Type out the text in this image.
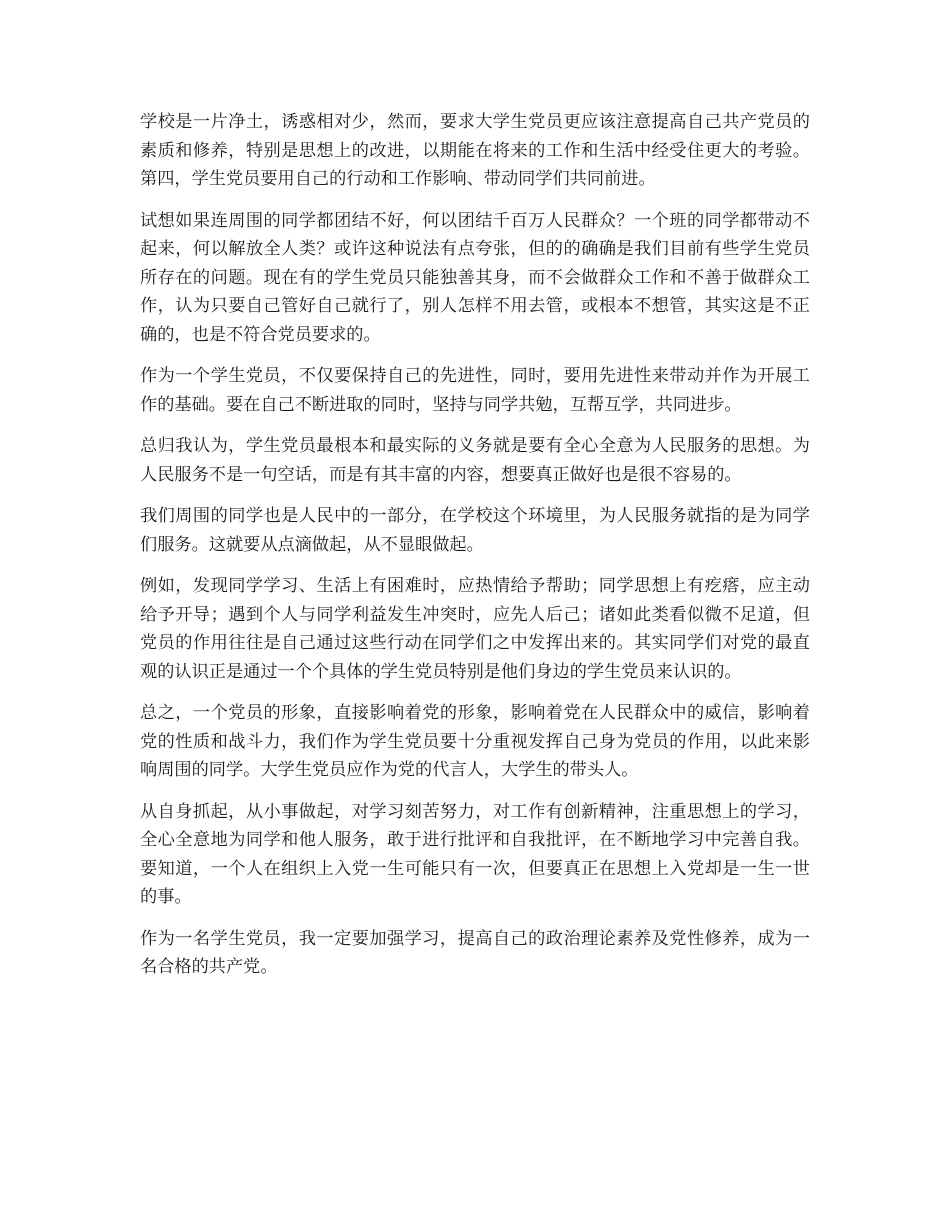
学校是一片净土，诱惑相对少，然而，要求大学生党员更应该注意提高自己共产党员的素质和修养，特别是思想上的改进，以期能在将来的工作和生活中经受住更大的考验。第四，学生党员要用自己的行动和工作影响、带动同学们共同前进。

试想如果连周围的同学都团结不好，何以团结千百万人民群众？一个班的同学都带动不起来，何以解放全人类？或许这种说法有点夸张，但的的确确是我们目前有些学生党员所存在的问题。现在有的学生党员只能独善其身，而不会做群众工作和不善于做群众工作，认为只要自己管好自己就行了，别人怎样不用去管，或根本不想管，其实这是不正确的，也是不符合党员要求的。

作为一个学生党员，不仅要保持自己的先进性，同时，要用先进性来带动并作为开展工作的基础。要在自己不断进取的同时，坚持与同学共勉，互帮互学，共同进步。

总归我认为，学生党员最根本和最实际的义务就是要有全心全意为人民服务的思想。为人民服务不是一句空话，而是有其丰富的内容，想要真正做好也是很不容易的。

我们周围的同学也是人民中的一部分，在学校这个环境里，为人民服务就指的是为同学们服务。这就要从点滴做起，从不显眼做起。

例如，发现同学学习、生活上有困难时，应热情给予帮助；同学思想上有疙瘩，应主动给予开导；遇到个人与同学利益发生冲突时，应先人后己；诸如此类看似微不足道，但党员的作用往往是自己通过这些行动在同学们之中发挥出来的。其实同学们对党的最直观的认识正是通过一个个具体的学生党员特别是他们身边的学生党员来认识的。

总之，一个党员的形象，直接影响着党的形象，影响着党在人民群众中的威信，影响着党的性质和战斗力，我们作为学生党员要十分重视发挥自己身为党员的作用，以此来影响周围的同学。大学生党员应作为党的代言人，大学生的带头人。

从自身抓起，从小事做起，对学习刻苦努力，对工作有创新精神，注重思想上的学习，全心全意地为同学和他人服务，敢于进行批评和自我批评，在不断地学习中完善自我。要知道，一个人在组织上入党一生可能只有一次，但要真正在思想上入党却是一生一世的事。

作为一名学生党员，我一定要加强学习，提高自己的政治理论素养及党性修养，成为一名合格的共产党。
